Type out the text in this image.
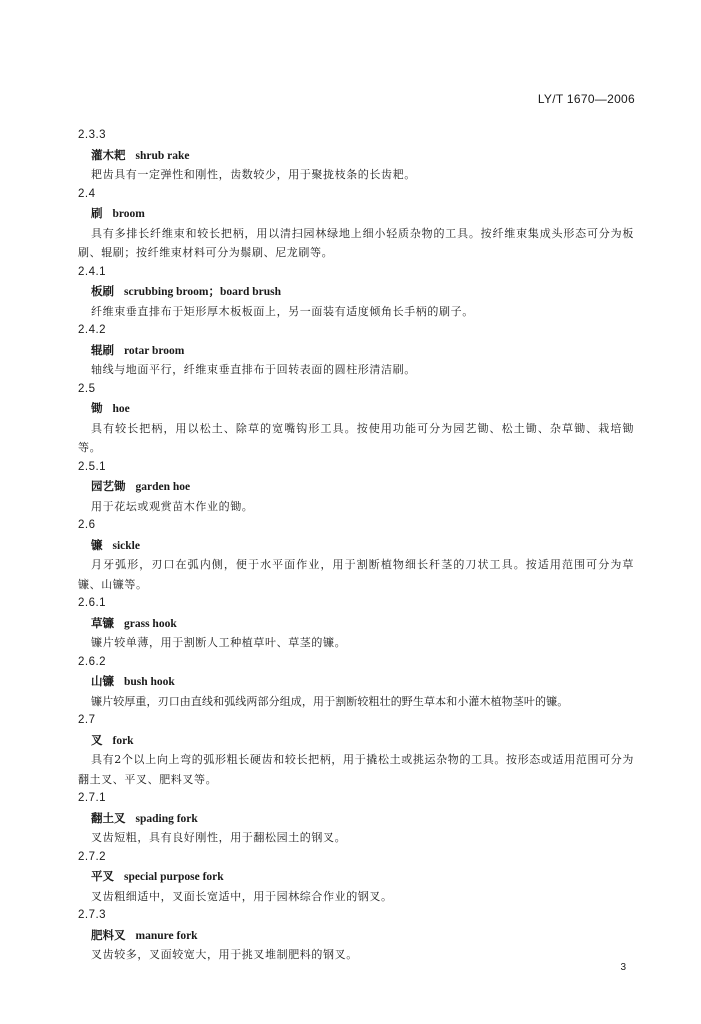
LY/T 1670—2006
2.3.3
灌木耙 shrub rake
耙齿具有一定弹性和刚性，齿数较少，用于聚拢枝条的长齿耙。
2.4
刷 broom
具有多排长纤维束和较长把柄，用以清扫园林绿地上细小轻质杂物的工具。按纤维束集成头形态可分为板刷、辊刷；按纤维束材料可分为鬃刷、尼龙刷等。
2.4.1
板刷 scrubbing broom；board brush
纤维束垂直排布于矩形厚木板板面上，另一面装有适度倾角长手柄的刷子。
2.4.2
辊刷 rotar broom
轴线与地面平行，纤维束垂直排布于回转表面的圆柱形清洁刷。
2.5
锄 hoe
具有较长把柄，用以松土、除草的宽嘴钩形工具。按使用功能可分为园艺锄、松土锄、杂草锄、栽培锄等。
2.5.1
园艺锄 garden hoe
用于花坛或观赏苗木作业的锄。
2.6
镰 sickle
月牙弧形，刃口在弧内侧，便于水平面作业，用于割断植物细长秆茎的刀状工具。按适用范围可分为草镰、山镰等。
2.6.1
草镰 grass hook
镰片较单薄，用于割断人工种植草叶、草茎的镰。
2.6.2
山镰 bush hook
镰片较厚重，刃口由直线和弧线两部分组成，用于割断较粗壮的野生草本和小灌木植物茎叶的镰。
2.7
叉 fork
具有2个以上向上弯的弧形粗长硬齿和较长把柄，用于撬松土或挑运杂物的工具。按形态或适用范围可分为翻土叉、平叉、肥料叉等。
2.7.1
翻土叉 spading fork
叉齿短粗，具有良好刚性，用于翻松园土的钢叉。
2.7.2
平叉 special purpose fork
叉齿粗细适中，叉面长宽适中，用于园林综合作业的钢叉。
2.7.3
肥料叉 manure fork
叉齿较多，叉面较宽大，用于挑叉堆制肥料的钢叉。
3
